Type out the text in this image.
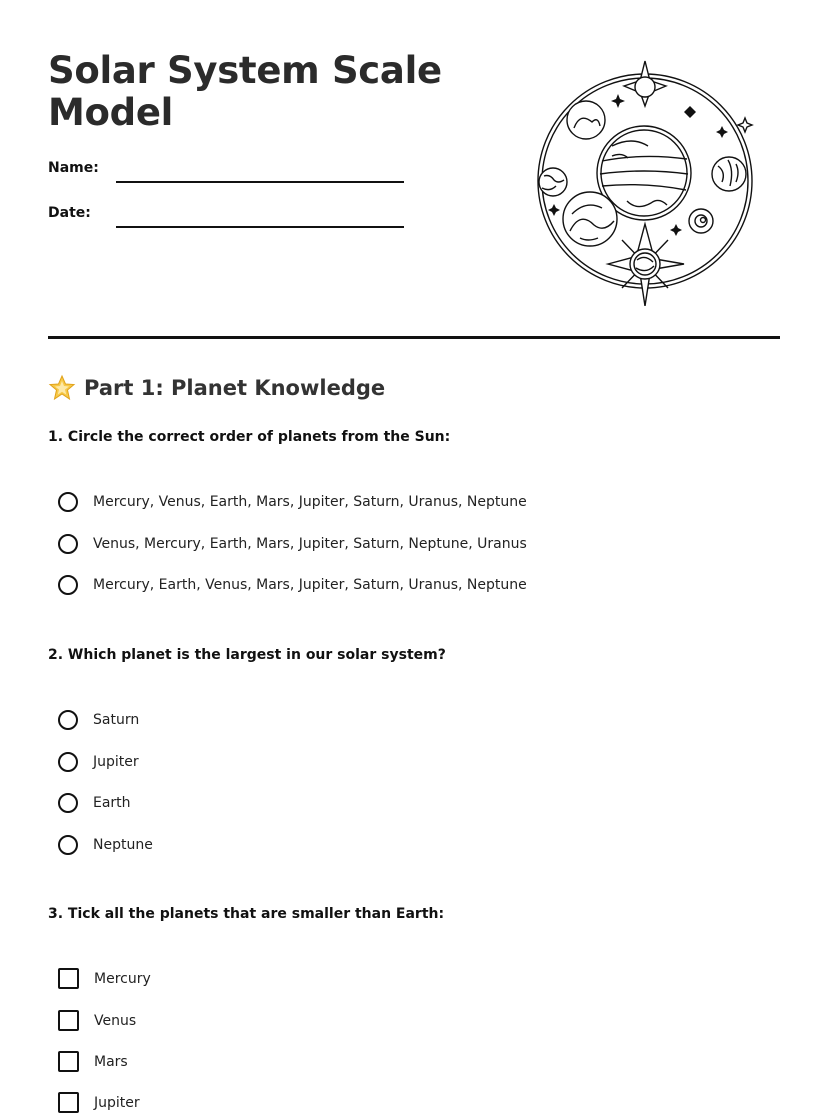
Solar System Scale Model
Name:
Date:
Part 1: Planet Knowledge
1. Circle the correct order of planets from the Sun:
Mercury, Venus, Earth, Mars, Jupiter, Saturn, Uranus, Neptune
Venus, Mercury, Earth, Mars, Jupiter, Saturn, Neptune, Uranus
Mercury, Earth, Venus, Mars, Jupiter, Saturn, Uranus, Neptune
2. Which planet is the largest in our solar system?
Saturn
Jupiter
Earth
Neptune
3. Tick all the planets that are smaller than Earth:
Mercury
Venus
Mars
Jupiter
